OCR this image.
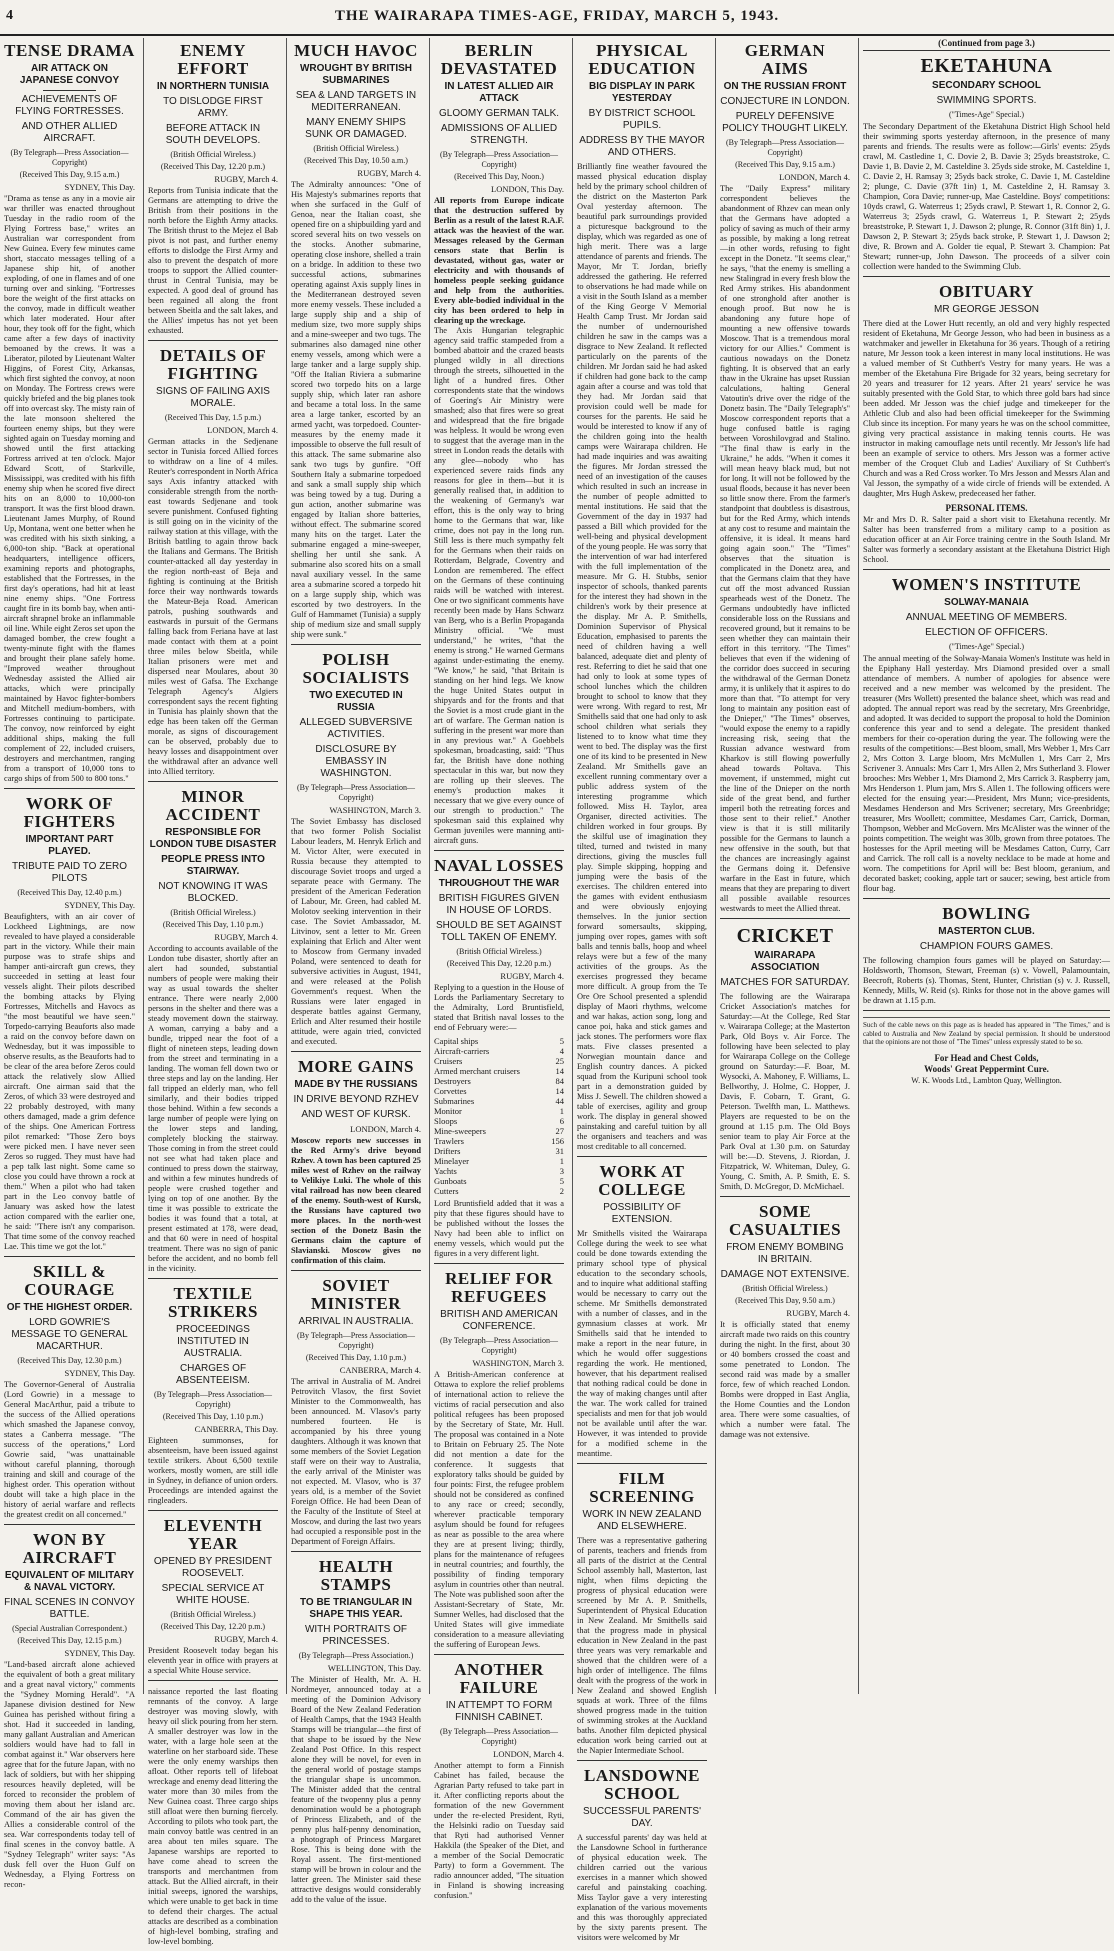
4	THE WAIRARAPA TIMES-AGE, FRIDAY, MARCH 5, 1943.
TENSE DRAMA
AIR ATTACK ON JAPANESE CONVOY
ACHIEVEMENTS OF FLYING FORTRESSES.
AND OTHER ALLIED AIRCRAFT.
(By Telegraph—Press Association—Copyright)
(Received This Day, 9.15 a.m.)
SYDNEY, This Day.

"Drama as tense as any in a movie air war thriller was enacted throughout Tuesday in the radio room of the Flying Fortress base," writes an Australian war correspondent from New Guinea. Every few minutes came short, staccato messages telling of a Japanese ship hit, of another exploding, of one in flames and of one turning over and sinking. "Fortresses bore the weight of the first attacks on the convoy, made in difficult weather which later moderated. Hour after hour, they took off for the fight, which came after a few days of inactivity bemoaned by the crews. It was a Liberator, piloted by Lieutenant Walter Higgins, of Forest City, Arkansas, which first sighted the convoy, at noon on Monday. The Fortress crews were quickly briefed and the big planes took off into overcast sky. The misty rain of the late monsoon sheltered the fourteen enemy ships, but they were sighted again on Tuesday morning and showed until the first attacking Fortress arrived at ten o'clock. Major Edward Scott, of Starkville, Mississippi, was credited with his fifth enemy ship when he scored five direct hits on an 8,000 to 10,000-ton transport. It was the first blood drawn. Lieutenant James Murphy, of Round Up, Montana, went one better when he was credited with his sixth sinking, a 6,000-ton ship. "Back at operational headquarters, intelligence officers, examining reports and photographs, established that the Fortresses, in the first day's operations, had hit at least nine enemy ships. "One Fortress caught fire in its bomb bay, when anti-aircraft shrapnel broke an inflammable oil line. While eight Zeros set upon the damaged bomber, the crew fought a twenty-minute fight with the flames and brought their plane safely home. "Improved weather throughout Wednesday assisted the Allied air attacks, which were principally maintained by Havoc fighter-bombers and Mitchell medium-bombers, with Fortresses continuing to participate. The convoy, now reinforced by eight additional ships, making the full complement of 22, included cruisers, destroyers and merchantmen, ranging from a transport of 10,000 tons to cargo ships of from 500 to 800 tons."

WORK OF FIGHTERS
IMPORTANT PART PLAYED.
TRIBUTE PAID TO ZERO PILOTS
(Received This Day, 12.40 p.m.)
SYDNEY, This Day.

Beaufighters, with an air cover of Lockheed Lightnings, are now revealed to have played a considerable part in the victory. While their main purpose was to strafe ships and hamper anti-aircraft gun crews, they succeeded in setting at least four vessels alight. Their pilots described the bombing attacks by Flying Fortresses, Mitchells and Havocs as "the most beautiful we have seen." Torpedo-carrying Beauforts also made a raid on the convoy before dawn on Wednesday, but it was impossible to observe results, as the Beauforts had to be clear of the area before Zeros could attack the relatively slow Allied aircraft. One airman said that the Zeros, of which 33 were destroyed and 22 probably destroyed, with many others damaged, made a grim defence of the ships. One American Fortress pilot remarked: "Those Zero boys were picked men. I have never seen Zeros so rugged. They must have had a pep talk last night. Some came so close you could have thrown a rock at them." When a pilot who had taken part in the Leo convoy battle of January was asked how the latest action compared with the earlier one, he said: "There isn't any comparison. That time some of the convoy reached Lae. This time we got the lot."

SKILL & COURAGE
OF THE HIGHEST ORDER.
LORD GOWRIE'S MESSAGE TO GENERAL MACARTHUR.
(Received This Day, 12.30 p.m.)
SYDNEY, This Day.

The Governor-General of Australia (Lord Gowrie) in a message to General MacArthur, paid a tribute to the success of the Allied operations which smashed the Japanese convoy, states a Canberra message. "The success of the operations," Lord Gowrie said, "was unattainable without careful planning, thorough training and skill and courage of the highest order. This operation without doubt will take a high place in the history of aerial warfare and reflects the greatest credit on all concerned."

WON BY AIRCRAFT
EQUIVALENT OF MILITARY & NAVAL VICTORY.
FINAL SCENES IN CONVOY BATTLE.
(Special Australian Correspondent.)
(Received This Day, 12.15 p.m.)
SYDNEY, This Day.

"Land-based aircraft alone achieved the equivalent of both a great military and a great naval victory," comments the "Sydney Morning Herald". "A Japanese division destined for New Guinea has perished without firing a shot. Had it succeeded in landing, many gallant Australian and American soldiers would have had to fall in combat against it." War observers here agree that for the future Japan, with no lack of soldiers, but with her shipping resources heavily depleted, will be forced to reconsider the problem of moving them about her island arc. Command of the air has given the Allies a considerable control of the sea. War correspondents today tell of final scenes in the convoy battle. A "Sydney Telegraph" writer says: "As dusk fell over the Huon Gulf on Wednesday, a Flying Fortress on recon-

ENEMY EFFORT
IN NORTHERN TUNISIA
TO DISLODGE FIRST ARMY.
BEFORE ATTACK IN SOUTH DEVELOPS.
(British Official Wireless.)
(Received This Day, 12.20 p.m.)
RUGBY, March 4.

Reports from Tunisia indicate that the Germans are attempting to drive the British from their positions in the north before the Eighth Army attacks. The British thrust to the Mejez el Bab pivot is not past, and further enemy efforts to dislodge the First Army and also to prevent the despatch of more troops to support the Allied counter-thrust in Central Tunisia, may be expected. A good deal of ground has been regained all along the front between Sbeitla and the salt lakes, and the Allies' impetus has not yet been exhausted.

DETAILS OF FIGHTING
SIGNS OF FAILING AXIS MORALE.
(Received This Day, 1.5 p.m.)
LONDON, March 4.

German attacks in the Sedjenane sector in Tunisia forced Allied forces to withdraw on a line of 4 miles. Reuter's correspondent in North Africa says Axis infantry attacked with considerable strength from the north-east towards Sedjenane and took severe punishment. Confused fighting is still going on in the vicinity of the railway station at this village, with the British battling to again throw back the Italians and Germans. The British counter-attacked all day yesterday in the region north-east of Beja and fighting is continuing at the British force their way northwards towards the Mateur-Beja Road. American patrols, pushing southwards and eastwards in pursuit of the Germans falling back from Feriana have at last made contact with them at a point three miles below Sbeitla, while Italian prisoners were met and dispersed near Moulares, about 30 miles west of Gafsa. The Exchange Telegraph Agency's Algiers correspondent says the recent fighting in Tunisia has plainly shown that the edge has been taken off the German morale, as signs of discouragement can be observed, probably due to heavy losses and disappointment over the withdrawal after an advance well into Allied territory.

MINOR ACCIDENT
RESPONSIBLE FOR LONDON TUBE DISASTER
PEOPLE PRESS INTO STAIRWAY.
NOT KNOWING IT WAS BLOCKED.
(British Official Wireless.)
(Received This Day, 1.10 p.m.)
RUGBY, March 4.

According to accounts available of the London tube disaster, shortly after an alert had sounded, substantial numbers of people were making their way as usual towards the shelter entrance. There were nearly 2,000 persons in the shelter and there was a steady movement down the stairway. A woman, carrying a baby and a bundle, tripped near the foot of a flight of nineteen steps, leading down from the street and terminating in a landing. The woman fell down two or three steps and lay on the landing. Her fall tripped an elderly man, who fell similarly, and their bodies tripped those behind. Within a few seconds a large number of people were lying on the lower steps and landing, completely blocking the stairway. Those coming in from the street could not see what had taken place and continued to press down the stairway, and within a few minutes hundreds of people were crushed together and lying on top of one another. By the time it was possible to extricate the bodies it was found that a total, at present estimated at 178, were dead, and that 60 were in need of hospital treatment. There was no sign of panic before the accident, and no bomb fell in the vicinity.

TEXTILE STRIKERS
PROCEEDINGS INSTITUTED IN AUSTRALIA.
CHARGES OF ABSENTEEISM.
(By Telegraph—Press Association—Copyright)
(Received This Day, 1.10 p.m.)
CANBERRA, This Day.

Eighteen summonses, for absenteeism, have been issued against textile strikers. About 6,500 textile workers, mostly women, are still idle in Sydney, in defiance of union orders. Proceedings are intended against the ringleaders.

ELEVENTH YEAR
OPENED BY PRESIDENT ROOSEVELT.
SPECIAL SERVICE AT WHITE HOUSE.
(British Official Wireless.)
(Received This Day, 12.20 p.m.)
RUGBY, March 4.

President Roosevelt today began his eleventh year in office with prayers at a special White House service.

naissance reported the last floating remnants of the convoy. A large destroyer was moving slowly, with heavy oil slick pouring from her stern. A smaller destroyer was low in the water, with a large hole seen at the waterline on her starboard side. These were the only enemy warships then afloat. Other reports tell of lifeboat wreckage and enemy dead littering the water more than 30 miles from the New Guinea coast. Three cargo ships still afloat were then burning fiercely. According to pilots who took part, the main convoy battle was centred in an area about ten miles square. The Japanese warships are reported to have come ahead to screen the transports and merchantmen from attack. But the Allied aircraft, in their initial sweeps, ignored the warships, which were unable to get back in time to defend their charges. The actual attacks are described as a combination of high-level bombing, strafing and low-level bombing.

MUCH HAVOC
WROUGHT BY BRITISH SUBMARINES
SEA & LAND TARGETS IN MEDITERRANEAN.
MANY ENEMY SHIPS SUNK OR DAMAGED.
(British Official Wireless.)
(Received This Day, 10.50 a.m.)
RUGBY, March 4.

The Admiralty announces: "One of His Majesty's submarines reports that when she surfaced in the Gulf of Genoa, near the Italian coast, she opened fire on a shipbuilding yard and scored several hits on two vessels on the stocks. Another submarine, operating close inshore, shelled a train on a bridge. In addition to these two successful actions, submarines operating against Axis supply lines in the Mediterranean destroyed seven more enemy vessels. These included a large supply ship and a ship of medium size, two more supply ships and a mine-sweeper and two tugs. The submarines also damaged nine other enemy vessels, among which were a large tanker and a large supply ship. "Off the Italian Riviera a submarine scored two torpedo hits on a large supply ship, which later ran ashore and became a total loss. In the same area a large tanker, escorted by an armed yacht, was torpedoed. Counter-measures by the enemy made it impossible to observe the full result of this attack. The same submarine also sank two tugs by gunfire. "Off Southern Italy a submarine torpedoed and sank a small supply ship which was being towed by a tug. During a gun action, another submarine was engaged by Italian shore batteries, without effect. The submarine scored many hits on the target. Later the submarine engaged a mine-sweeper, shelling her until she sank. A submarine also scored hits on a small naval auxiliary vessel. In the same area a submarine scored a torpedo hit on a large supply ship, which was escorted by two destroyers. In the Gulf of Hammamet (Tunisia) a supply ship of medium size and small supply ship were sunk."

POLISH SOCIALISTS
TWO EXECUTED IN RUSSIA
ALLEGED SUBVERSIVE ACTIVITIES.
DISCLOSURE BY EMBASSY IN WASHINGTON.
(By Telegraph—Press Association—Copyright)
WASHINGTON, March 3.

The Soviet Embassy has disclosed that two former Polish Socialist Labour leaders, M. Henryk Erlich and M. Victor Alter, were executed in Russia because they attempted to discourage Soviet troops and urged a separate peace with Germany. The president of the American Federation of Labour, Mr. Green, had cabled M. Molotov seeking intervention in their case. The Soviet Ambassador, M. Litvinov, sent a letter to Mr. Green explaining that Erlich and Alter went to Moscow from Germany invaded Poland, were sentenced to death for subversive activities in August, 1941, and were released at the Polish Government's request. When the Russians were later engaged in desperate battles against Germany, Erlich and Alter resumed their hostile attitude, were again tried, convicted and executed.

MORE GAINS
MADE BY THE RUSSIANS
IN DRIVE BEYOND RZHEV
AND WEST OF KURSK.
LONDON, March 4.

Moscow reports new successes in the Red Army's drive beyond Rzhev. A town has been captured 25 miles west of Rzhev on the railway to Velikiye Luki. The whole of this vital railroad has now been cleared of the enemy. South-west of Kursk, the Russians have captured two more places. In the north-west section of the Donetz Basin the Germans claim the capture of Slavianski. Moscow gives no confirmation of this claim.

SOVIET MINISTER
ARRIVAL IN AUSTRALIA.
(By Telegraph—Press Association—Copyright)
(Received This Day, 1.10 p.m.)
CANBERRA, March 4.

The arrival in Australia of M. Andrei Petrovitch Vlasov, the first Soviet Minister to the Commonwealth, has been announced. M. Vlasov's party numbered fourteen. He is accompanied by his three young daughters. Although it was known that some members of the Soviet Legation staff were on their way to Australia, the early arrival of the Minister was not expected. M. Vlasov, who is 37 years old, is a member of the Soviet Foreign Office. He had been Dean of the Faculty of the Institute of Steel at Moscow, and during the last two years had occupied a responsible post in the Department of Foreign Affairs.

HEALTH STAMPS
TO BE TRIANGULAR IN SHAPE THIS YEAR.
WITH PORTRAITS OF PRINCESSES.
(By Telegraph—Press Association.)
WELLINGTON, This Day.

The Minister of Health, Mr. A. H. Nordmeyer, announced today at a meeting of the Dominion Advisory Board of the New Zealand Federation of Health Camps, that the 1943 Health Stamps will be triangular—the first of that shape to be issued by the New Zealand Post Office. In this respect alone they will be novel, for even in the general world of postage stamps the triangular shape is uncommon. The Minister added that the central feature of the twopenny plus a penny denomination would be a photograph of Princess Elizabeth, and of the penny plus half-penny denomination, a photograph of Princess Margaret Rose. This is being done with the Royal assent. The first-mentioned stamp will be brown in colour and the latter green. The Minister said these attractive designs would considerably add to the value of the issue.

BERLIN DEVASTATED
IN LATEST ALLIED AIR ATTACK
GLOOMY GERMAN TALK.
ADMISSIONS OF ALLIED STRENGTH.
(By Telegraph—Press Association—Copyright)
(Received This Day, Noon.)
LONDON, This Day.

All reports from Europe indicate that the destruction suffered by Berlin as a result of the latest R.A.F. attack was the heaviest of the war. Messages released by the German censors state that Berlin is devastated, without gas, water or electricity and with thousands of homeless people seeking guidance and help from the authorities. Every able-bodied individual in the city has been ordered to help in clearing up the wreckage.

The Axis Hungarian telegraphic agency said traffic stampeded from a bombed abattoir and the crazed beasts plunged wildly in all directions through the streets, silhouetted in the light of a hundred fires. Other correspondents state that the windows of Goering's Air Ministry were smashed; also that fires were so great and widespread that the fire brigade was helpless. It would be wrong even to suggest that the average man in the street in London reads the details with any glee—nobody who has experienced severe raids finds any reasons for glee in them—but it is generally realised that, in addition to the weakening of Germany's war effort, this is the only way to bring home to the Germans that war, like crime, does not pay in the long run. Still less is there much sympathy felt for the Germans when their raids on Rotterdam, Belgrade, Coventry and London are remembered. The effect on the Germans of these continuing raids will be watched with interest. One or two significant comments have recently been made by Hans Schwarz van Berg, who is a Berlin Propaganda Ministry official. "We must understand," he writes, "that the enemy is strong." He warned Germans against under-estimating the enemy. "We know," he said, "that Britain is standing on her hind legs. We know the huge United States output in shipyards and for the fronts and that the Soviet is a most crude giant in the art of warfare. The German nation is suffering in the present war more than in any previous war." A Goebbels spokesman, broadcasting, said: "Thus far, the British have done nothing spectacular in this war, but now they are rolling up their sleeves. The enemy's production makes it necessary that we give every ounce of our strength to production." The spokesman said this explained why German juveniles were manning anti-aircraft guns.

NAVAL LOSSES
THROUGHOUT THE WAR
BRITISH FIGURES GIVEN IN HOUSE OF LORDS.
SHOULD BE SET AGAINST TOLL TAKEN OF ENEMY.
(British Official Wireless.)
(Received This Day, 12.20 p.m.)
RUGBY, March 4.

Replying to a question in the House of Lords the Parliamentary Secretary to the Admiralty, Lord Bruntisfield, stated that British naval losses to the end of February were:—

Capital ships	5
Aircraft-carriers	4
Cruisers	25
Armed merchant cruisers	14
Destroyers	84
Corvettes	14
Submarines	44
Monitor	1
Sloops	6
Mine-sweepers	27
Trawlers	156
Drifters	31
Minelayer	1
Yachts	3
Gunboats	5
Cutters	2

Lord Bruntisfield added that it was a pity that these figures should have to be published without the losses the Navy had been able to inflict on enemy vessels, which would put the figures in a very different light.

RELIEF FOR REFUGEES
BRITISH AND AMERICAN CONFERENCE.
(By Telegraph—Press Association—Copyright)
WASHINGTON, March 3.

A British-American conference at Ottawa to explore the relief problems of international action to relieve the victims of racial persecution and also political refugees has been proposed by the Secretary of State, Mr. Hull. The proposal was contained in a Note to Britain on February 25. The Note did not mention a date for the conference. It suggests that exploratory talks should be guided by four points: First, the refugee problem should not be considered as confined to any race or creed; secondly, wherever practicable temporary asylum should be found for refugees as near as possible to the area where they are at present living; thirdly, plans for the maintenance of refugees in neutral countries; and fourthly, the possibility of finding temporary asylum in countries other than neutral. The Note was published soon after the Assistant-Secretary of State, Mr. Sumner Welles, had disclosed that the United States will give immediate consideration to a measure alleviating the suffering of European Jews.

ANOTHER FAILURE
IN ATTEMPT TO FORM FINNISH CABINET.
(By Telegraph—Press Association—Copyright)
LONDON, March 4.

Another attempt to form a Finnish Cabinet has failed, because the Agrarian Party refused to take part in it. After conflicting reports about the formation of the new Government under the re-elected President, Ryti, the Helsinki radio on Tuesday said that Ryti had authorised Venner Hakkila (the Speaker of the Diet, and a member of the Social Democratic Party) to form a Government. The radio announcer added, "The situation in Finland is showing increasing confusion."

PHYSICAL EDUCATION
BIG DISPLAY IN PARK YESTERDAY
BY DISTRICT SCHOOL PUPILS.
ADDRESS BY THE MAYOR AND OTHERS.

Brilliantly fine weather favoured the massed physical education display held by the primary school children of the district on the Masterton Park Oval yesterday afternoon. The beautiful park surroundings provided a picturesque background to the display, which was regarded as one of high merit. There was a large attendance of parents and friends. The Mayor, Mr T. Jordan, briefly addressed the gathering. He referred to observations he had made while on a visit in the South Island as a member of the King George V Memorial Health Camp Trust. Mr Jordan said the number of undernourished children he saw in the camps was a disgrace to New Zealand. It reflected particularly on the parents of the children. Mr Jordan said he had asked if children had gone back to the camp again after a course and was told that they had. Mr Jordan said that provision could well be made for courses for the parents. He said he would be interested to know if any of the children going into the health camps were Wairarapa children. He had made inquiries and was awaiting the figures. Mr Jordan stressed the need of an investigation of the causes which resulted in such an increase in the number of people admitted to mental institutions. He said that the Government of the day in 1937 had passed a Bill which provided for the well-being and physical development of the young people. He was sorry that the intervention of war had interfered with the full implementation of the measure. Mr G. H. Stubbs, senior inspector of schools, thanked parents for the interest they had shown in the children's work by their presence at the display. Mr A. P. Smithells, Dominion Supervisor of Physical Education, emphasised to parents the need of children having a well balanced, adequate diet and plenty of rest. Referring to diet he said that one had only to look at some types of school lunches which the children brought to school to know that they were wrong. With regard to rest, Mr Smithells said that one had only to ask school children what serials they listened to to know what time they went to bed. The display was the first one of its kind to be presented in New Zealand. Mr Smithells gave an excellent running commentary over a public address system of the interesting programme which followed. Miss H. Taylor, area Organiser, directed activities. The children worked in four groups. By the skilful use of imagination they tilted, turned and twisted in many directions, giving the muscles full play. Simple skipping, hopping and jumping were the basis of the exercises. The children entered into the games with evident enthusiasm and were obviously enjoying themselves. In the junior section forward somersaults, skipping, jumping over ropes, games with soft balls and tennis balls, hoop and wheel relays were but a few of the many activities of the groups. As the exercises progressed they became more difficult. A group from the Te Ore Ore School presented a splendid display of Maori rhythms, welcome and war hakas, action song, long and canoe poi, haka and stick games and jack stones. The performers wore flax mats. Five classes presented a Norwegian mountain dance and English country dances. A picked squad from the Kuripuni school took part in a demonstration guided by Miss J. Sewell. The children showed a table of exercises, agility and group work. The display in general showed painstaking and careful tuition by all the organisers and teachers and was most creditable to all concerned.

WORK AT COLLEGE
POSSIBILITY OF EXTENSION.

Mr Smithells visited the Wairarapa College during the week to see what could be done towards extending the primary school type of physical education to the secondary schools, and to inquire what additional staffing would be necessary to carry out the scheme. Mr Smithells demonstrated with a number of classes, and in the gymnasium classes at work. Mr Smithells said that he intended to make a report in the near future, in which he would offer suggestions regarding the work. He mentioned, however, that his department realised that nothing radical could be done in the way of making changes until after the war. The work called for trained specialists and men for that job would not be available until after the war. However, it was intended to provide for a modified scheme in the meantime.

FILM SCREENING
WORK IN NEW ZEALAND AND ELSEWHERE.

There was a representative gathering of parents, teachers and friends from all parts of the district at the Central School assembly hall, Masterton, last night, when films depicting the progress of physical education were screened by Mr A. P. Smithells, Superintendent of Physical Education in New Zealand. Mr Smithells said that the progress made in physical education in New Zealand in the past three years was very remarkable and showed that the children were of a high order of intelligence. The films dealt with the progress of the work in New Zealand and showed English squads at work. Three of the films showed progress made in the tuition of swimming strokes at the Auckland baths. Another film depicted physical education work being carried out at the Napier Intermediate School.

LANSDOWNE SCHOOL
SUCCESSFUL PARENTS' DAY.

A successful parents' day was held at the Lansdowne School in furtherance of physical education week. The children carried out the various exercises in a manner which showed careful and painstaking coaching. Miss Taylor gave a very interesting explanation of the various movements and this was thoroughly appreciated by the sixty parents present. The visitors were welcomed by Mr

GERMAN AIMS
ON THE RUSSIAN FRONT
CONJECTURE IN LONDON.
PURELY DEFENSIVE POLICY THOUGHT LIKELY.
(By Telegraph—Press Association—Copyright)
(Received This Day, 9.15 a.m.)
LONDON, March 4.

The "Daily Express" military correspondent believes the abandonment of Rhzev can mean only that the Germans have adopted a policy of saving as much of their army as possible, by making a long retreat—in other words, refusing to fight except in the Donetz. "It seems clear," he says, "that the enemy is smelling a new Stalingrad in every fresh blow the Red Army strikes. His abandonment of one stronghold after another is enough proof. But now he is abandoning any future hope of mounting a new offensive towards Moscow. That is a tremendous moral victory for our Allies." Comment is cautious nowadays on the Donetz fighting. It is observed that an early thaw in the Ukraine has upset Russian calculations, halting General Vatoutin's drive over the ridge of the Donetz basin. The "Daily Telegraph's" Moscow correspondent reports that a huge confused battle is raging between Voroshilovgrad and Stalino. "The final thaw is early in the Ukraine," he adds. "When it comes it will mean heavy black mud, but not for long. It will not be followed by the usual floods, because it has never been so little snow there. From the farmer's standpoint that doubtless is disastrous, but for the Red Army, which intends at any cost to resume and maintain the offensive, it is ideal. It means hard going again soon." The "Times" observes that the situation is complicated in the Donetz area, and that the Germans claim that they have cut off the most advanced Russian spearheads west of the Donetz. The Germans undoubtedly have inflicted considerable loss on the Russians and recovered ground, but it remains to be seen whether they can maintain their effort in this territory. "The Times" believes that even if the widening of the corridor does succeed in securing the withdrawal of the German Donetz army, it is unlikely that it aspires to do more than that. "To attempt for very long to maintain any position east of the Dnieper," "The Times" observes, "would expose the enemy to a rapidly increasing risk, seeing that the Russian advance westward from Kharkov is still flowing powerfully ahead towards Poltava. This movement, if unstemmed, might cut the line of the Dnieper on the north side of the great bend, and further imperil both the retreating forces and those sent to their relief." Another view is that it is still militarily possible for the Germans to launch a new offensive in the south, but that the chances are increasingly against the Germans doing it. Defensive warfare in the East in future, which means that they are preparing to divert all possible available resources westwards to meet the Allied threat.

CRICKET
WAIRARAPA ASSOCIATION
MATCHES FOR SATURDAY.

The following are the Wairarapa Cricket Association's matches for Saturday:—At the College, Red Star v. Wairarapa College; at the Masterton Park, Old Boys v. Air Force. The following have been selected to play for Wairarapa College on the College ground on Saturday:—F. Boar, M. Wysocki, A. Mahoney, F. Williams, L. Bellworthy, J. Holme, C. Hopper, J. Davis, F. Cobarn, T. Grant, G. Peterson. Twelfth man, L. Matthews. Players are requested to be on the ground at 1.15 p.m. The Old Boys senior team to play Air Force at the Park Oval at 1.30 p.m. on Saturday will be:—D. Stevens, J. Riordan, J. Fitzpatrick, W. Whiteman, Duley, G. Young, C. Smith, A. P. Smith, E. S. Smith, D. McGregor, D. McMichael.

SOME CASUALTIES
FROM ENEMY BOMBING IN BRITAIN.
DAMAGE NOT EXTENSIVE.
(British Official Wireless.)
(Received This Day, 9.50 a.m.)
RUGBY, March 4.

It is officially stated that enemy aircraft made two raids on this country during the night. In the first, about 30 or 40 bombers crossed the coast and some penetrated to London. The second raid was made by a smaller force, few of which reached London. Bombs were dropped in East Anglia, the Home Counties and the London area. There were some casualties, of which a number were fatal. The damage was not extensive.

(Continued from page 3.)
EKETAHUNA
SECONDARY SCHOOL
SWIMMING SPORTS.
("Times-Age" Special.)

The Secondary Department of the Eketahuna District High School held their swimming sports yesterday afternoon, in the presence of many parents and friends. The results were as follow:—Girls' events: 25yds crawl, M. Castledine 1, C. Dovie 2, B. Davie 3; 25yds breaststroke, C. Davie 1, B. Davie 2, M. Casteldine 3. 25yds side stroke, M. Casteldine 1, C. Davie 2, H. Ramsay 3; 25yds back stroke, C. Davie 1, M. Casteldine 2; plunge, C. Davie (37ft 1in) 1, M. Casteldine 2, H. Ramsay 3. Champion, Cora Davie; runner-up, Mae Casteldine. Boys' competitions: 10yds crawl, G. Waterreus 1; 25yds crawl, P. Stewart 1, R. Connor 2, G. Waterreus 3; 25yds crawl, G. Waterreus 1, P. Stewart 2; 25yds breaststroke, P. Stewart 1, J. Dawson 2; plunge, R. Connor (31ft 8in) 1, J. Dawson 2, P. Stewart 3; 25yds back stroke, P. Stewart 1, J. Dawson 2; dive, R. Brown and A. Golder tie equal, P. Stewart 3. Champion: Pat Stewart; runner-up, John Dawson. The proceeds of a silver coin collection were handed to the Swimming Club.

OBITUARY
MR GEORGE JESSON

There died at the Lower Hutt recently, an old and very highly respected resident of Eketahuna, Mr George Jesson, who had been in business as a watchmaker and jeweller in Eketahuna for 36 years. Though of a retiring nature, Mr Jesson took a keen interest in many local institutions. He was a valued member of St Cuthbert's Vestry for many years. He was a member of the Eketahuna Fire Brigade for 32 years, being secretary for 20 years and treasurer for 12 years. After 21 years' service he was suitably presented with the Gold Star, to which three gold bars had since been added. Mr Jesson was the chief judge and timekeeper for the Athletic Club and also had been official timekeeper for the Swimming Club since its inception. For many years he was on the school committee, giving very practical assistance in making tennis courts. He was instructor in making camouflage nets until recently. Mr Jesson's life had been an example of service to others. Mrs Jesson was a former active member of the Croquet Club and Ladies' Auxiliary of St Cuthbert's Church and was a Red Cross worker. To Mrs Jesson and Messrs Alan and Val Jesson, the sympathy of a wide circle of friends will be extended. A daughter, Mrs Hugh Askew, predeceased her father.

PERSONAL ITEMS.

Mr and Mrs D. R. Salter paid a short visit to Eketahuna recently. Mr Salter has been transferred from a military camp to a position as education officer at an Air Force training centre in the South Island. Mr Salter was formerly a secondary assistant at the Eketahuna District High School.

WOMEN'S INSTITUTE
SOLWAY-MANAIA
ANNUAL MEETING OF MEMBERS.
ELECTION OF OFFICERS.
("Times-Age" Special.)

The annual meeting of the Solway-Manaia Women's Institute was held in the Epiphany Hall yesterday. Mrs Diamond presided over a small attendance of members. A number of apologies for absence were received and a new member was welcomed by the president. The treasurer (Mrs Wollett) presented the balance sheet, which was read and adopted. The annual report was read by the secretary, Mrs Greenbridge, and adopted. It was decided to support the proposal to hold the Dominion conference this year and to send a delegate. The president thanked members for their co-operation during the year. The following were the results of the competitions:—Best bloom, small, Mrs Webber 1, Mrs Carr 2, Mrs Cotton 3. Large bloom, Mrs McMullen 1, Mrs Carr 2, Mrs Scrivener 3. Annuals: Mrs Carr 1, Mrs Allen 2, Mrs Sutherland 3. Flower brooches: Mrs Webber 1, Mrs Diamond 2, Mrs Carrick 3. Raspberry jam, Mrs Henderson 1. Plum jam, Mrs S. Allen 1. The following officers were elected for the ensuing year:—President, Mrs Munn; vice-presidents, Mesdames Henderson and Mrs Scrivener; secretary, Mrs Greenbridge; treasurer, Mrs Woollett; committee, Mesdames Carr, Carrick, Dorman, Thompson, Webber and McGovern. Mrs McAlister was the winner of the points competition. The weight was 30lb, grown from three potatoes. The hostesses for the April meeting will be Mesdames Catton, Curry, Carr and Carrick. The roll call is a novelty necklace to be made at home and worn. The competitions for April will be: Best bloom, geranium, and decorated basket; cooking, apple tart or saucer; sewing, best article from flour bag.

BOWLING
MASTERTON CLUB.
CHAMPION FOURS GAMES.

The following champion fours games will be played on Saturday:—Holdsworth, Thomson, Stewart, Freeman (s) v. Vowell, Palamountain, Beecroft, Roberts (s). Thomas, Stent, Hunter, Christian (s) v. J. Russell, Kennedy, Mills, W. Reid (s). Rinks for those not in the above games will be drawn at 1.15 p.m.

Such of the cable news on this page as is headed has appeared in "The Times," and is cabled to Australia and New Zealand by special permission. It should be understood that the opinions are not those of "The Times" unless expressly stated to be so.
For Head and Chest Colds,
Woods' Great Peppermint Cure.
W. K. Woods Ltd., Lambton Quay, Wellington.
